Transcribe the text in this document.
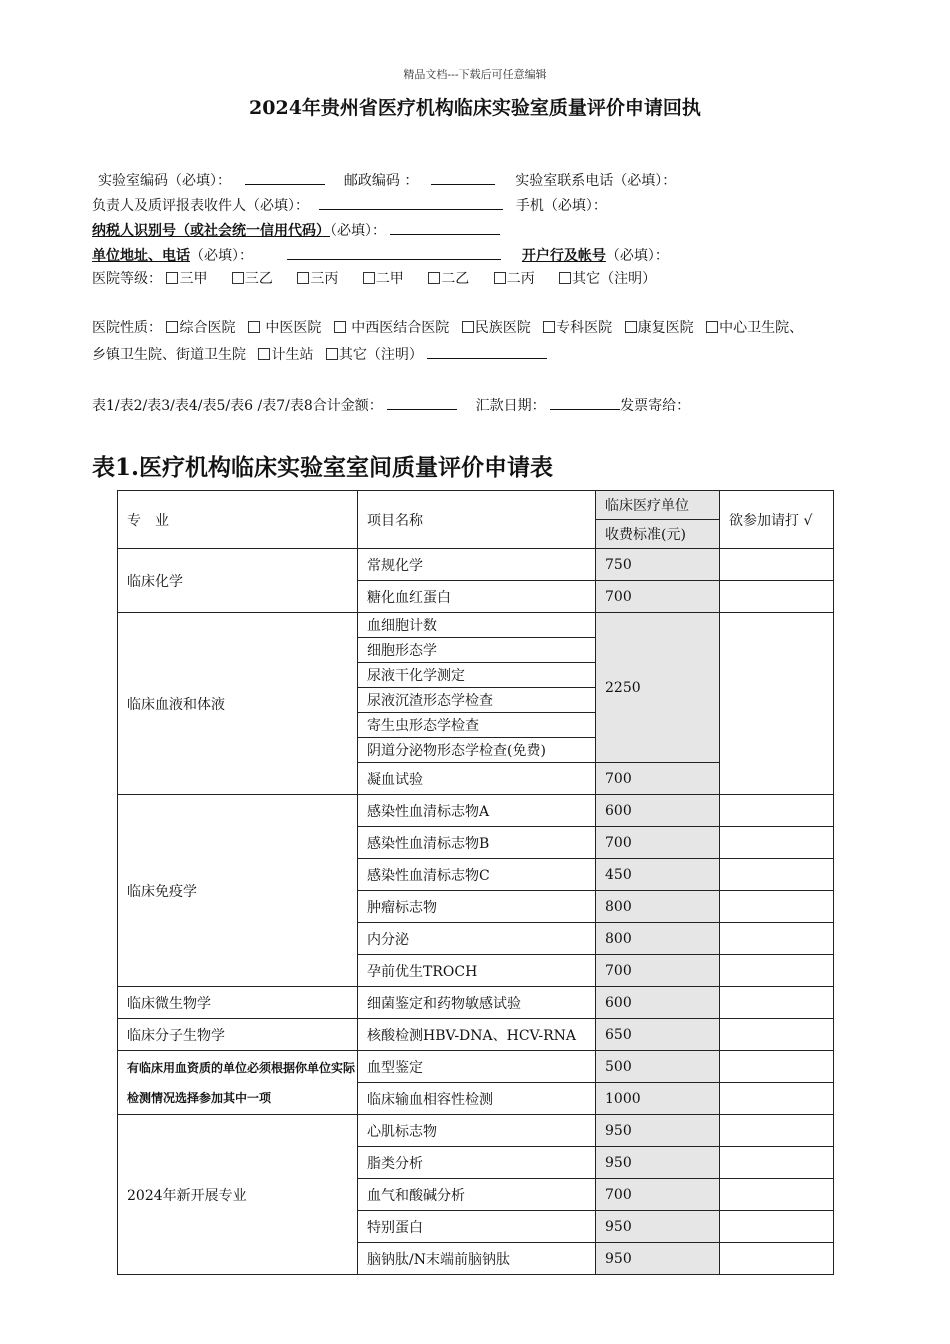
精品文档---下载后可任意编辑
2024年贵州省医疗机构临床实验室质量评价申请回执
实验室编码（必填）：	邮政编码 ：	实验室联系电话（必填）：
负责人及质评报表收件人（必填）：	手机（必填）：
纳税人识别号（或社会统一信用代码）（必填）：
单位地址、电话（必填）：	开户行及帐号（必填）：
医院等级： 三甲	三乙	三丙	二甲	二乙	二丙	其它（注明）
医院性质： 综合医院 中医医院 中西医结合医院 民族医院 专科医院 康复医院 中心卫生院、
乡镇卫生院、街道卫生院 计生站 其它（注明）
表1/表2/表3/表4/表5/表6 /表7/表8合计金额：	汇款日期：	发票寄给：
表1.医疗机构临床实验室室间质量评价申请表
专　业	项目名称	临床医疗单位	欲参加请打 √
		收费标准(元)	
临床化学	常规化学	750	
	糖化血红蛋白	700	
临床血液和体液	血细胞计数	2250	
	细胞形态学		
	尿液干化学测定		
	尿液沉渣形态学检查		
	寄生虫形态学检查		
	阴道分泌物形态学检查(免费)		
	凝血试验	700	
临床免疫学	感染性血清标志物A	600	
	感染性血清标志物B	700	
	感染性血清标志物C	450	
	肿瘤标志物	800	
	内分泌	800	
	孕前优生TROCH	700	
临床微生物学	细菌鉴定和药物敏感试验	600	
临床分子生物学	核酸检测HBV-DNA、HCV-RNA	650	
有临床用血资质的单位必须根据你单位实际检测情况选择参加其中一项	血型鉴定	500	
	临床输血相容性检测	1000	
2024年新开展专业	心肌标志物	950	
	脂类分析	950	
	血气和酸碱分析	700	
	特别蛋白	950	
	脑钠肽/N末端前脑钠肽	950	
